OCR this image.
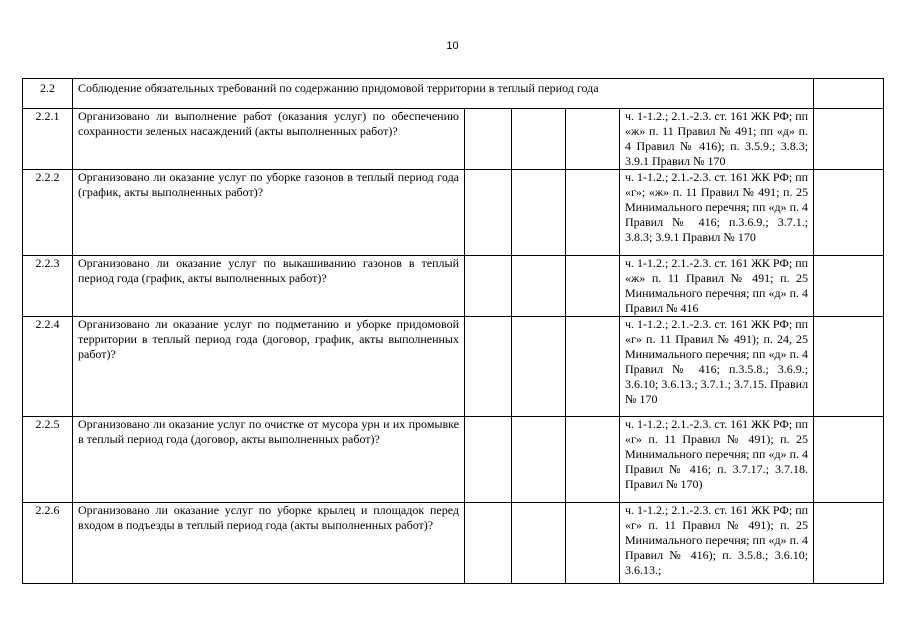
10
2.2	Соблюдение обязательных требований по содержанию придомовой территории в теплый период года					
2.2.1	Организовано ли выполнение работ (оказания услуг) по обеспечению сохранности зеленых насаждений (акты выполненных работ)?				ч. 1-1.2.; 2.1.-2.3. ст. 161 ЖК РФ; пп «ж» п. 11 Правил № 491; пп «д» п. 4 Правил № 416); п. 3.5.9.; 3.8.3; 3.9.1 Правил № 170	
2.2.2	Организовано ли оказание услуг по уборке газонов в теплый период года (график, акты выполненных работ)?				ч. 1-1.2.; 2.1.-2.3. ст. 161 ЖК РФ; пп «г»; «ж» п. 11 Правил № 491; п. 25 Минимального перечня; пп «д» п. 4 Правил № 416; п.3.6.9.; 3.7.1.; 3.8.3; 3.9.1 Правил № 170	
2.2.3	Организовано ли оказание услуг по выкашиванию газонов в теплый период года (график, акты выполненных работ)?				ч. 1-1.2.; 2.1.-2.3. ст. 161 ЖК РФ; пп «ж» п. 11 Правил № 491; п. 25 Минимального перечня; пп «д» п. 4 Правил № 416	
2.2.4	Организовано ли оказание услуг по подметанию и уборке придомовой территории в теплый период года (договор, график, акты выполненных работ)?				ч. 1-1.2.; 2.1.-2.3. ст. 161 ЖК РФ; пп «г» п. 11 Правил № 491); п. 24, 25 Минимального перечня; пп «д» п. 4 Правил № 416; п.3.5.8.; 3.6.9.; 3.6.10; 3.6.13.; 3.7.1.; 3.7.15. Правил № 170	
2.2.5	Организовано ли оказание услуг по очистке от мусора урн и их промывке в теплый период года (договор, акты выполненных работ)?				ч. 1-1.2.; 2.1.-2.3. ст. 161 ЖК РФ; пп «г» п. 11 Правил № 491); п. 25 Минимального перечня; пп «д» п. 4 Правил № 416; п. 3.7.17.; 3.7.18. Правил № 170)	
2.2.6	Организовано ли оказание услуг по уборке крылец и площадок перед входом в подъезды в теплый период года (акты выполненных работ)?				ч. 1-1.2.; 2.1.-2.3. ст. 161 ЖК РФ; пп «г» п. 11 Правил № 491); п. 25 Минимального перечня; пп «д» п. 4 Правил № 416); п. 3.5.8.; 3.6.10; 3.6.13.;	
